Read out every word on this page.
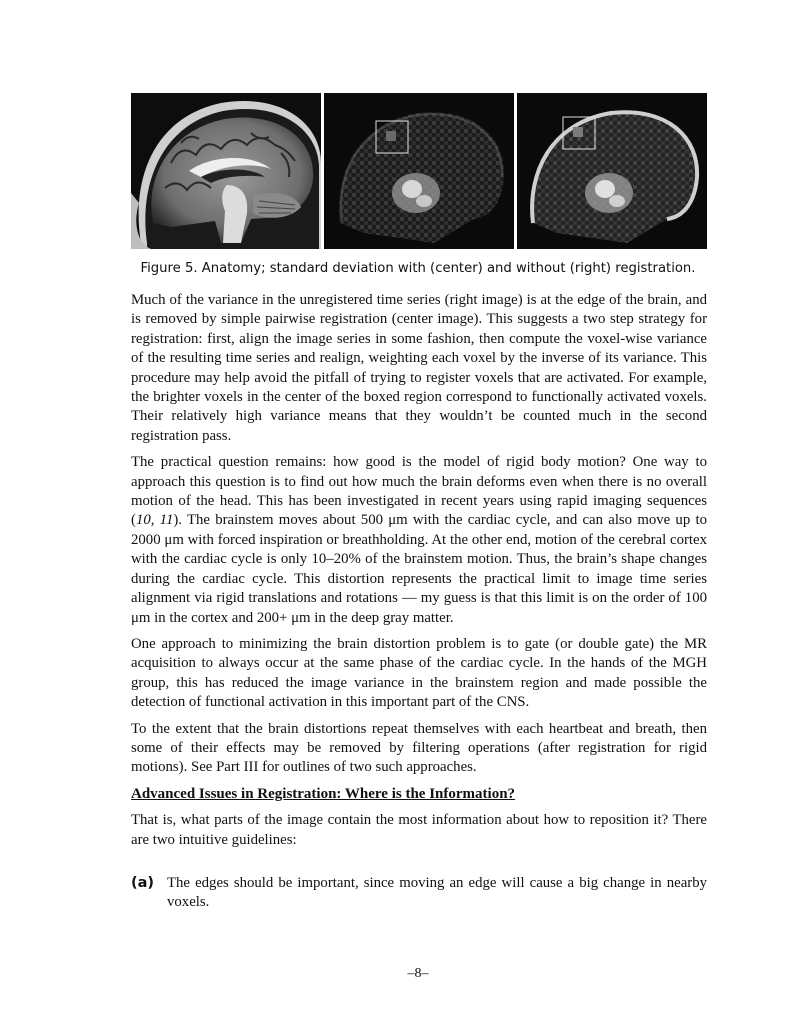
Figure 5. Anatomy; standard deviation with (center) and without (right) registration.

Much of the variance in the unregistered time series (right image) is at the edge of the brain, and is removed by simple pairwise registration (center image). This suggests a two step strategy for registration: first, align the image series in some fashion, then compute the voxel-wise variance of the resulting time series and realign, weighting each voxel by the inverse of its variance. This procedure may help avoid the pitfall of trying to register voxels that are activated. For example, the brighter voxels in the center of the boxed region correspond to functionally activated voxels. Their relatively high variance means that they wouldn’t be counted much in the second registration pass.

The practical question remains: how good is the model of rigid body motion? One way to approach this question is to find out how much the brain deforms even when there is no overall motion of the head. This has been investigated in recent years using rapid imaging sequences (10, 11). The brainstem moves about 500 μm with the cardiac cycle, and can also move up to 2000 μm with forced inspiration or breathholding. At the other end, motion of the cerebral cortex with the cardiac cycle is only 10–20% of the brainstem motion. Thus, the brain’s shape changes during the cardiac cycle. This distortion represents the practical limit to image time series alignment via rigid translations and rotations — my guess is that this limit is on the order of 100 μm in the cortex and 200+ μm in the deep gray matter.

One approach to minimizing the brain distortion problem is to gate (or double gate) the MR acquisition to always occur at the same phase of the cardiac cycle. In the hands of the MGH group, this has reduced the image variance in the brainstem region and made possible the detection of functional activation in this important part of the CNS.

To the extent that the brain distortions repeat themselves with each heartbeat and breath, then some of their effects may be removed by filtering operations (after registration for rigid motions). See Part III for outlines of two such approaches.

Advanced Issues in Registration: Where is the Information?

That is, what parts of the image contain the most information about how to reposition it? There are two intuitive guidelines:

(a) The edges should be important, since moving an edge will cause a big change in nearby voxels.

–8–
